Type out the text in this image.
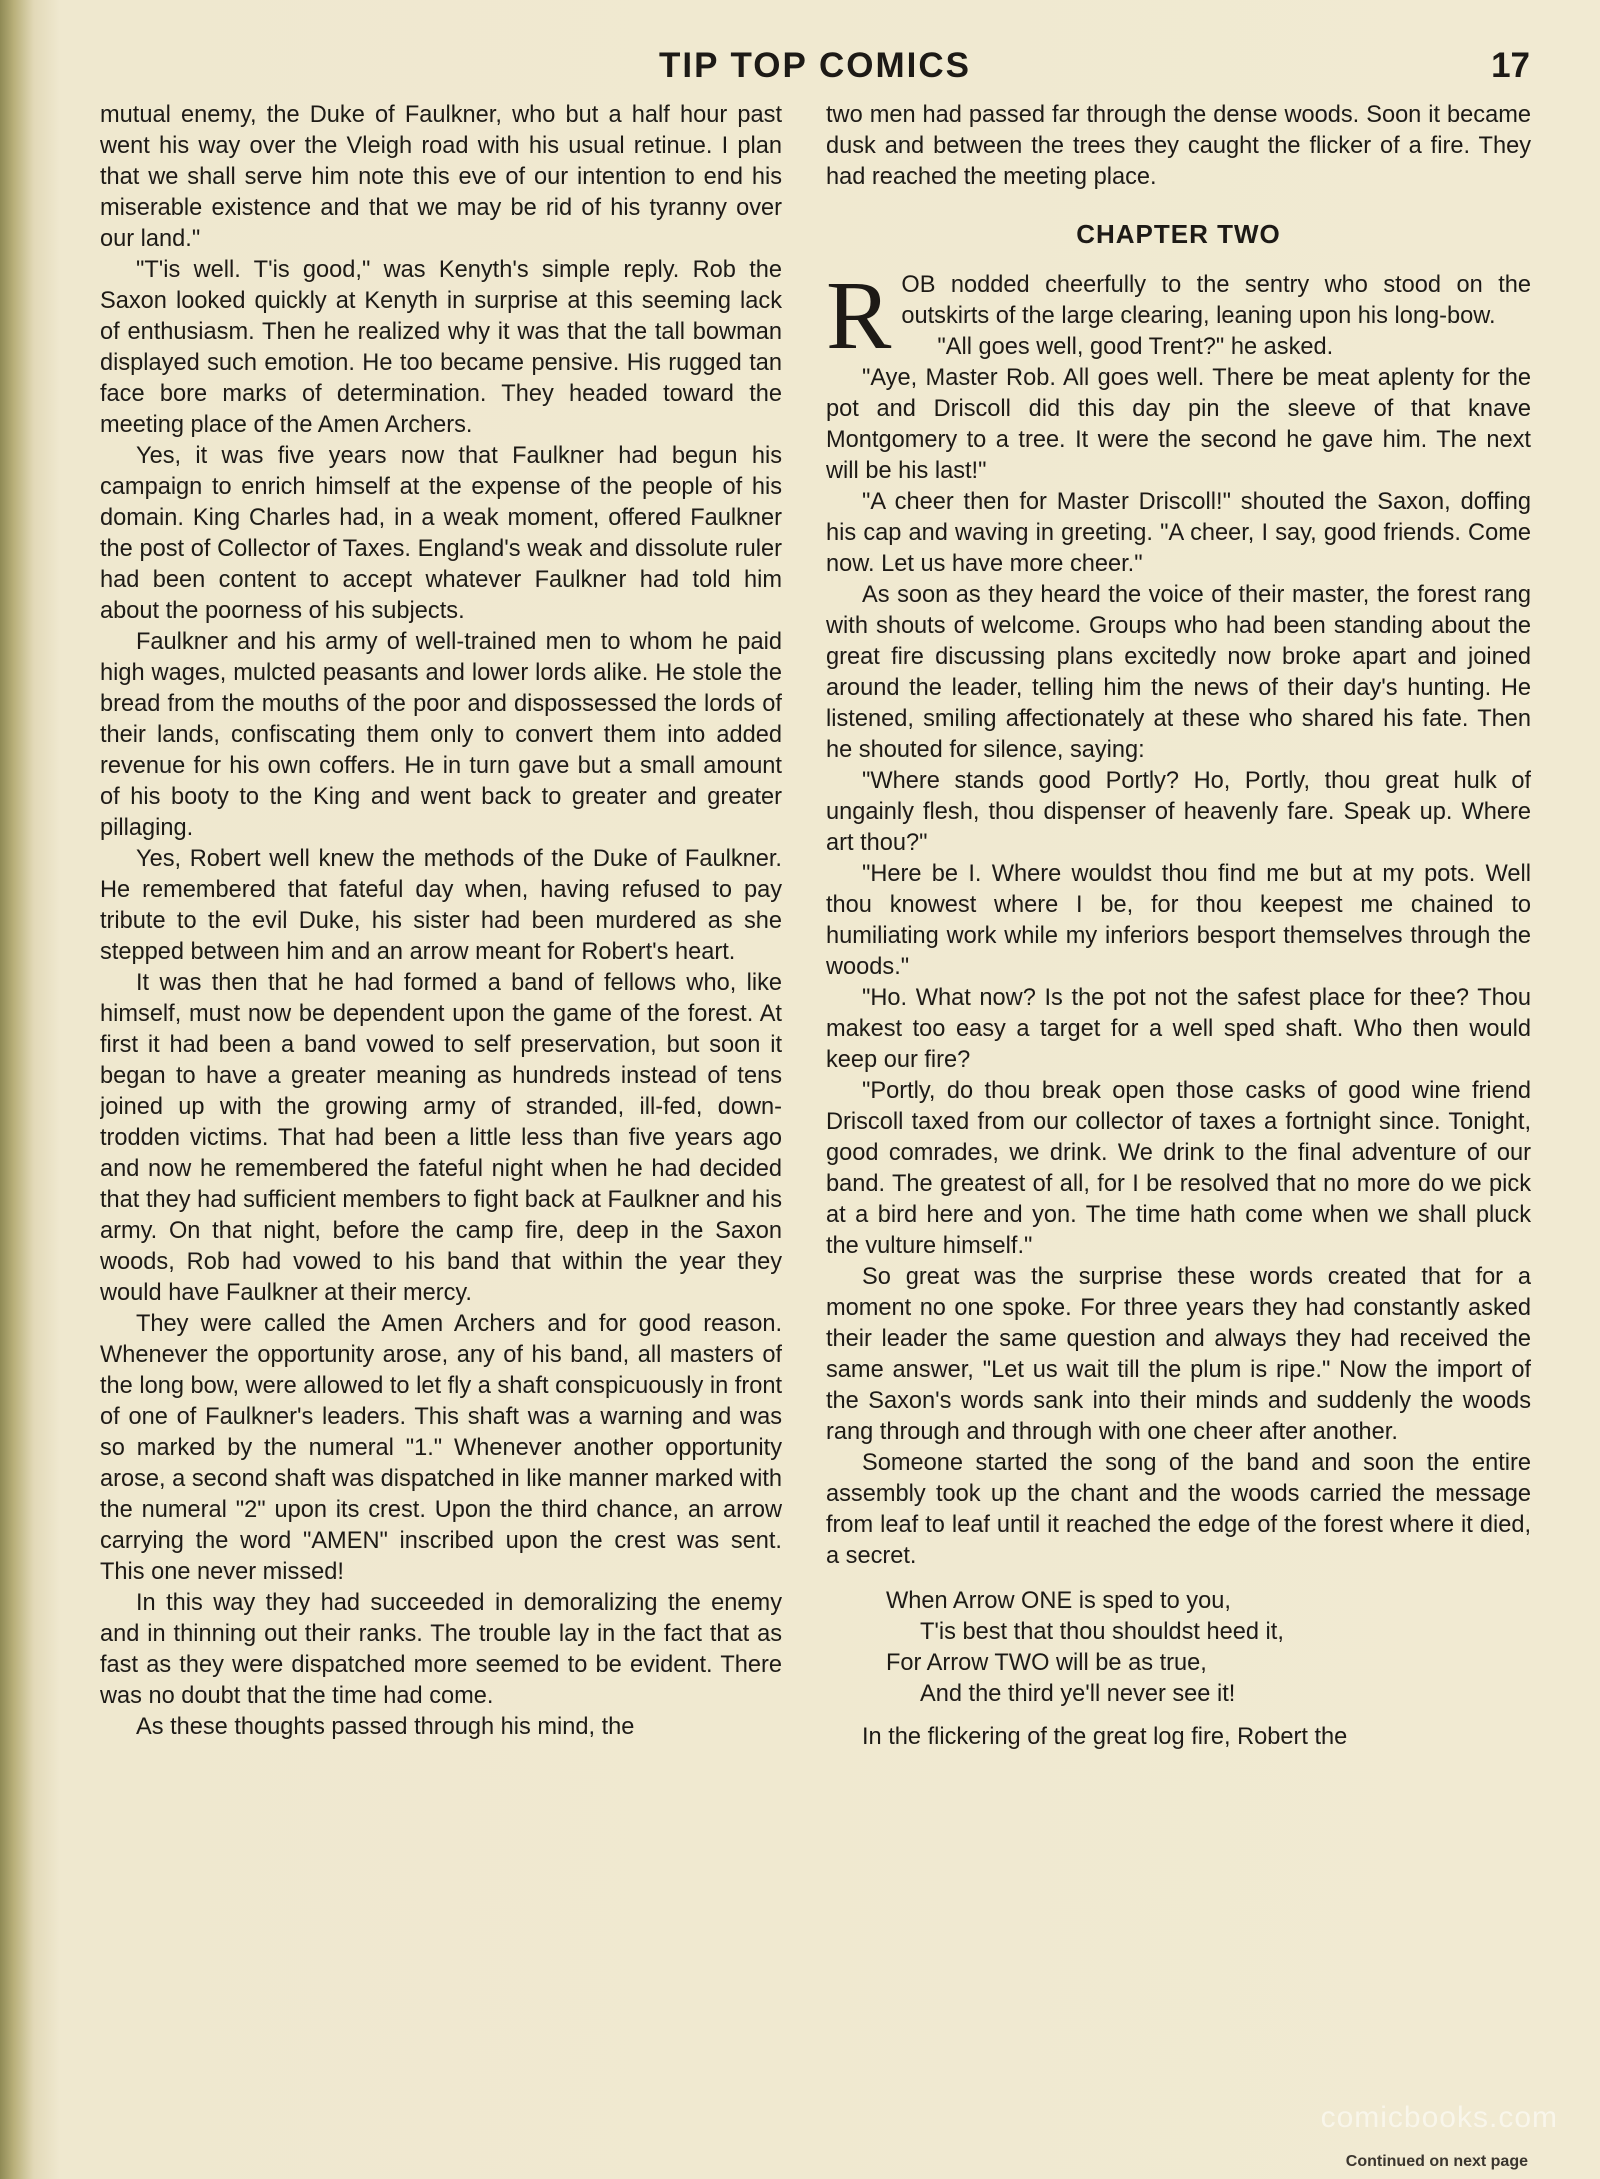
TIP TOP COMICS	17

mutual enemy, the Duke of Faulkner, who but a half hour past went his way over the Vleigh road with his usual retinue. I plan that we shall serve him note this eve of our intention to end his miserable existence and that we may be rid of his tyranny over our land."

"T'is well. T'is good," was Kenyth's simple reply. Rob the Saxon looked quickly at Kenyth in surprise at this seeming lack of enthusiasm. Then he realized why it was that the tall bowman displayed such emotion. He too became pensive. His rugged tan face bore marks of determination. They headed toward the meeting place of the Amen Archers.

Yes, it was five years now that Faulkner had begun his campaign to enrich himself at the expense of the people of his domain. King Charles had, in a weak moment, offered Faulkner the post of Collector of Taxes. England's weak and dissolute ruler had been content to accept whatever Faulkner had told him about the poorness of his subjects.

Faulkner and his army of well-trained men to whom he paid high wages, mulcted peasants and lower lords alike. He stole the bread from the mouths of the poor and dispossessed the lords of their lands, confiscating them only to convert them into added revenue for his own coffers. He in turn gave but a small amount of his booty to the King and went back to greater and greater pillaging.

Yes, Robert well knew the methods of the Duke of Faulkner. He remembered that fateful day when, having refused to pay tribute to the evil Duke, his sister had been murdered as she stepped between him and an arrow meant for Robert's heart.

It was then that he had formed a band of fellows who, like himself, must now be dependent upon the game of the forest. At first it had been a band vowed to self preservation, but soon it began to have a greater meaning as hundreds instead of tens joined up with the growing army of stranded, ill-fed, down-trodden victims. That had been a little less than five years ago and now he remembered the fateful night when he had decided that they had sufficient members to fight back at Faulkner and his army. On that night, before the camp fire, deep in the Saxon woods, Rob had vowed to his band that within the year they would have Faulkner at their mercy.

They were called the Amen Archers and for good reason. Whenever the opportunity arose, any of his band, all masters of the long bow, were allowed to let fly a shaft conspicuously in front of one of Faulkner's leaders. This shaft was a warning and was so marked by the numeral "1." Whenever another opportunity arose, a second shaft was dispatched in like manner marked with the numeral "2" upon its crest. Upon the third chance, an arrow carrying the word "AMEN" inscribed upon the crest was sent. This one never missed!

In this way they had succeeded in demoralizing the enemy and in thinning out their ranks. The trouble lay in the fact that as fast as they were dispatched more seemed to be evident. There was no doubt that the time had come.

As these thoughts passed through his mind, the

two men had passed far through the dense woods. Soon it became dusk and between the trees they caught the flicker of a fire. They had reached the meeting place.

CHAPTER TWO

ROB nodded cheerfully to the sentry who stood on the outskirts of the large clearing, leaning upon his long-bow.

"All goes well, good Trent?" he asked.

"Aye, Master Rob. All goes well. There be meat aplenty for the pot and Driscoll did this day pin the sleeve of that knave Montgomery to a tree. It were the second he gave him. The next will be his last!"

"A cheer then for Master Driscoll!" shouted the Saxon, doffing his cap and waving in greeting. "A cheer, I say, good friends. Come now. Let us have more cheer."

As soon as they heard the voice of their master, the forest rang with shouts of welcome. Groups who had been standing about the great fire discussing plans excitedly now broke apart and joined around the leader, telling him the news of their day's hunting. He listened, smiling affectionately at these who shared his fate. Then he shouted for silence, saying:

"Where stands good Portly? Ho, Portly, thou great hulk of ungainly flesh, thou dispenser of heavenly fare. Speak up. Where art thou?"

"Here be I. Where wouldst thou find me but at my pots. Well thou knowest where I be, for thou keepest me chained to humiliating work while my inferiors besport themselves through the woods."

"Ho. What now? Is the pot not the safest place for thee? Thou makest too easy a target for a well sped shaft. Who then would keep our fire?

"Portly, do thou break open those casks of good wine friend Driscoll taxed from our collector of taxes a fortnight since. Tonight, good comrades, we drink. We drink to the final adventure of our band. The greatest of all, for I be resolved that no more do we pick at a bird here and yon. The time hath come when we shall pluck the vulture himself."

So great was the surprise these words created that for a moment no one spoke. For three years they had constantly asked their leader the same question and always they had received the same answer, "Let us wait till the plum is ripe." Now the import of the Saxon's words sank into their minds and suddenly the woods rang through and through with one cheer after another.

Someone started the song of the band and soon the entire assembly took up the chant and the woods carried the message from leaf to leaf until it reached the edge of the forest where it died, a secret.

When Arrow ONE is sped to you,
T'is best that thou shouldst heed it,
For Arrow TWO will be as true,
And the third ye'll never see it!

In the flickering of the great log fire, Robert the

comicbooks.com
Continued on next page
